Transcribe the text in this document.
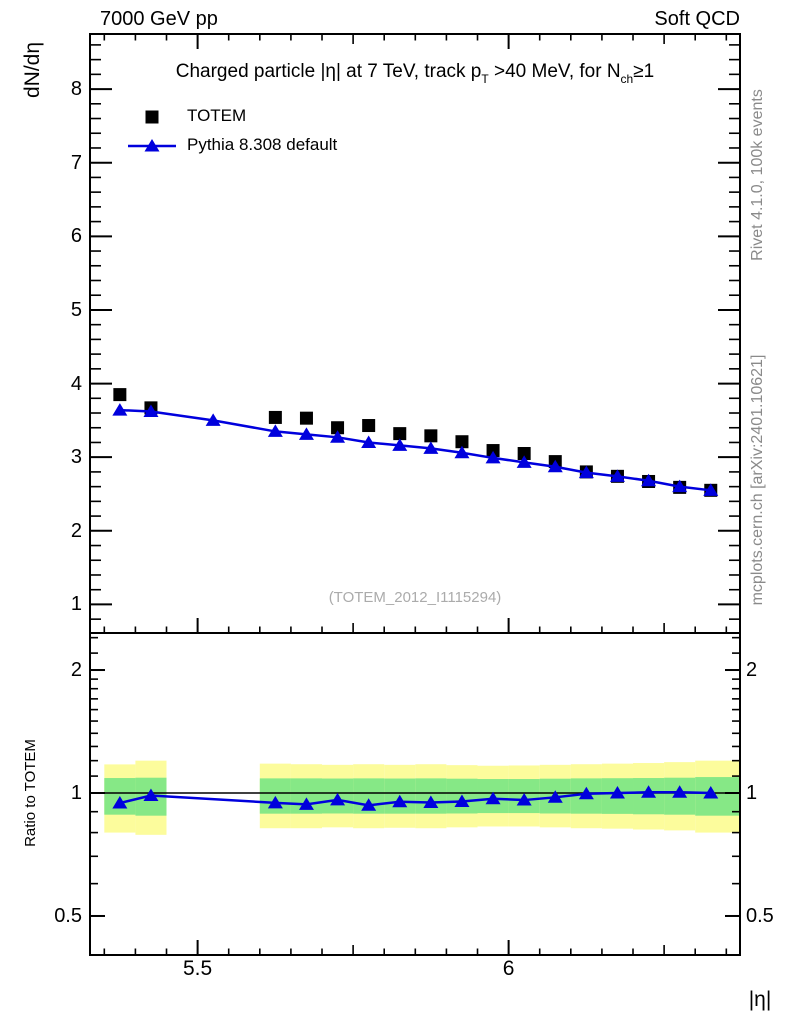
7000 GeV pp	Soft QCD
dN/dη	Charged particle |η| at 7 TeV, track $p_T >40$ MeV, for $N_{ch}\ge 1$
TOTEM
Pythia 8.308 default	Rivet 4.1.0, 100k events
mcplots.cern.ch [arXiv:2401.10621]
(TOTEM_2012_I1115294)
Ratio to TOTEM
|η|
1
2
3
4
5
6
7
8
5.5	6
0.5	0.5
1	1
2	2
